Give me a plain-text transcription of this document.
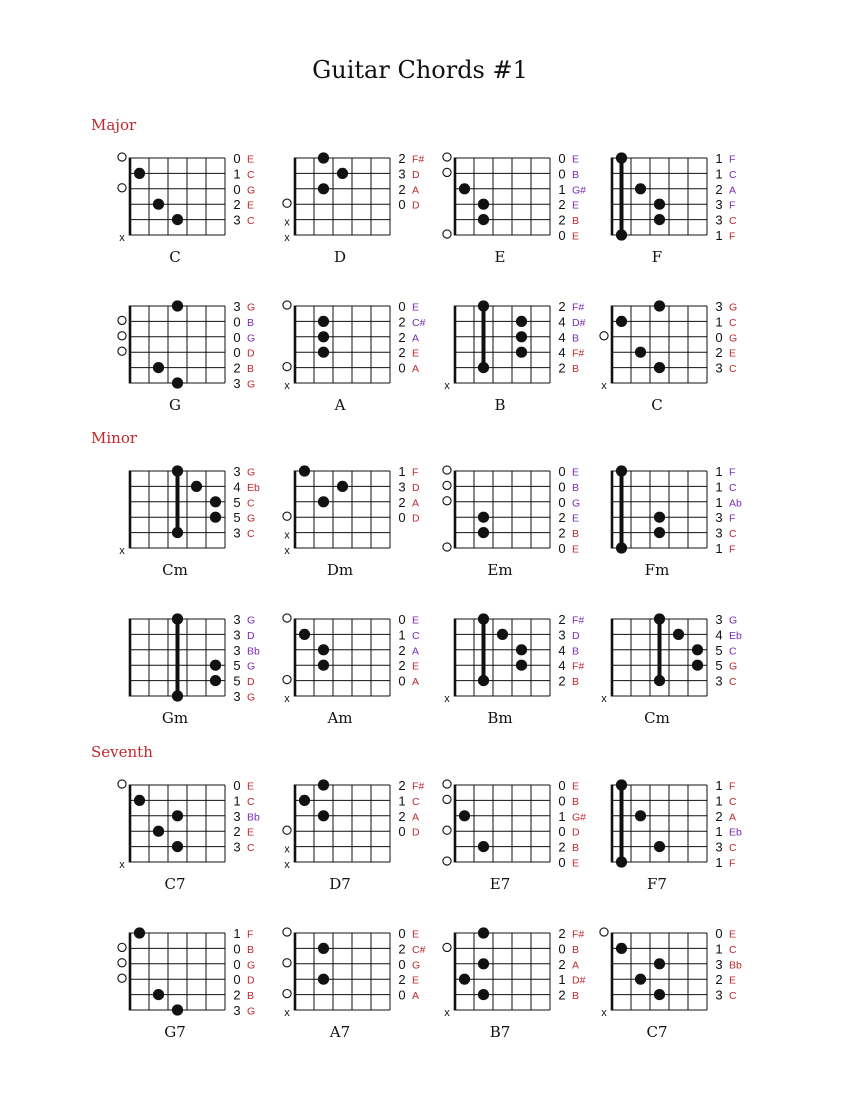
Guitar Chords #1
Major
x
0 E
1 C
0 G
2 E
3 C
C
x
x
2 F#
3 D
2 A
0 D
D
0 E
0 B
1 G#
2 E
2 B
0 E
E
1 F
1 C
2 A
3 F
3 C
1 F
F
3 G
0 B
0 G
0 D
2 B
3 G
G
x
0 E
2 C#
2 A
2 E
0 A
A
x
2 F#
4 D#
4 B
4 F#
2 B
B
x
3 G
1 C
0 G
2 E
3 C
C
Minor
x
3 G
4 Eb
5 C
5 G
3 C
Cm
x
x
1 F
3 D
2 A
0 D
Dm
0 E
0 B
0 G
2 E
2 B
0 E
Em
1 F
1 C
1 Ab
3 F
3 C
1 F
Fm
3 G
3 D
3 Bb
5 G
5 D
3 G
Gm
x
0 E
1 C
2 A
2 E
0 A
Am
x
2 F#
3 D
4 B
4 F#
2 B
Bm
x
3 G
4 Eb
5 C
5 G
3 C
Cm
Seventh
x
0 E
1 C
3 Bb
2 E
3 C
C7
x
x
2 F#
1 C
2 A
0 D
D7
0 E
0 B
1 G#
0 D
2 B
0 E
E7
1 F
1 C
2 A
1 Eb
3 C
1 F
F7
1 F
0 B
0 G
0 D
2 B
3 G
G7
x
0 E
2 C#
0 G
2 E
0 A
A7
x
2 F#
0 B
2 A
1 D#
2 B
B7
x
0 E
1 C
3 Bb
2 E
3 C
C7
